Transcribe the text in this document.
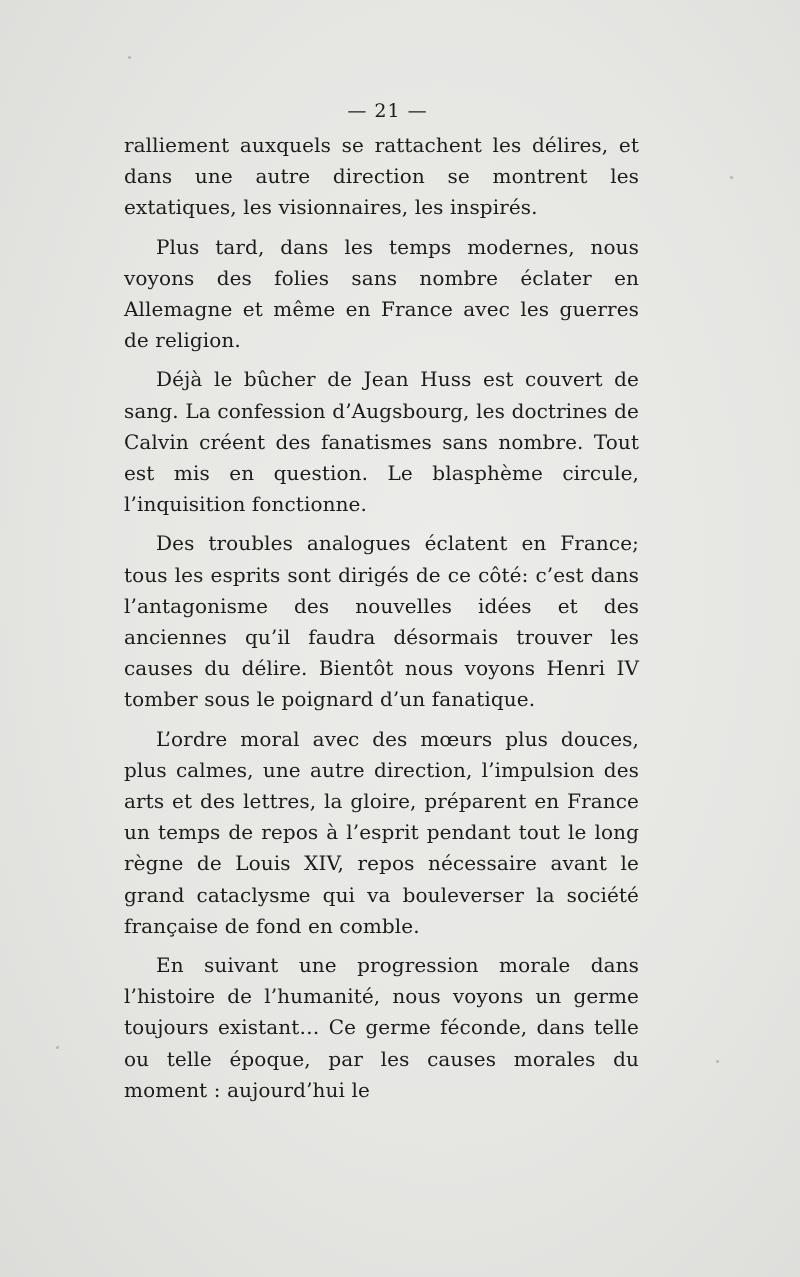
— 21 —

ralliement auxquels se rattachent les délires, et dans une autre direction se montrent les extatiques, les visionnaires, les inspirés.

Plus tard, dans les temps modernes, nous voyons des folies sans nombre éclater en Allemagne et même en France avec les guerres de religion.

Déjà le bûcher de Jean Huss est couvert de sang. La confession d’Augsbourg, les doctrines de Calvin créent des fanatismes sans nombre. Tout est mis en question. Le blasphème circule, l’inquisition fonctionne.

Des troubles analogues éclatent en France; tous les esprits sont dirigés de ce côté: c’est dans l’antagonisme des nouvelles idées et des anciennes qu’il faudra désormais trouver les causes du délire. Bientôt nous voyons Henri IV tomber sous le poignard d’un fanatique.

L’ordre moral avec des mœurs plus douces, plus calmes, une autre direction, l’impulsion des arts et des lettres, la gloire, préparent en France un temps de repos à l’esprit pendant tout le long règne de Louis XIV, repos nécessaire avant le grand cataclysme qui va bouleverser la société française de fond en comble.

En suivant une progression morale dans l’histoire de l’humanité, nous voyons un germe toujours existant… Ce germe féconde, dans telle ou telle époque, par les causes morales du moment : aujourd’hui le
